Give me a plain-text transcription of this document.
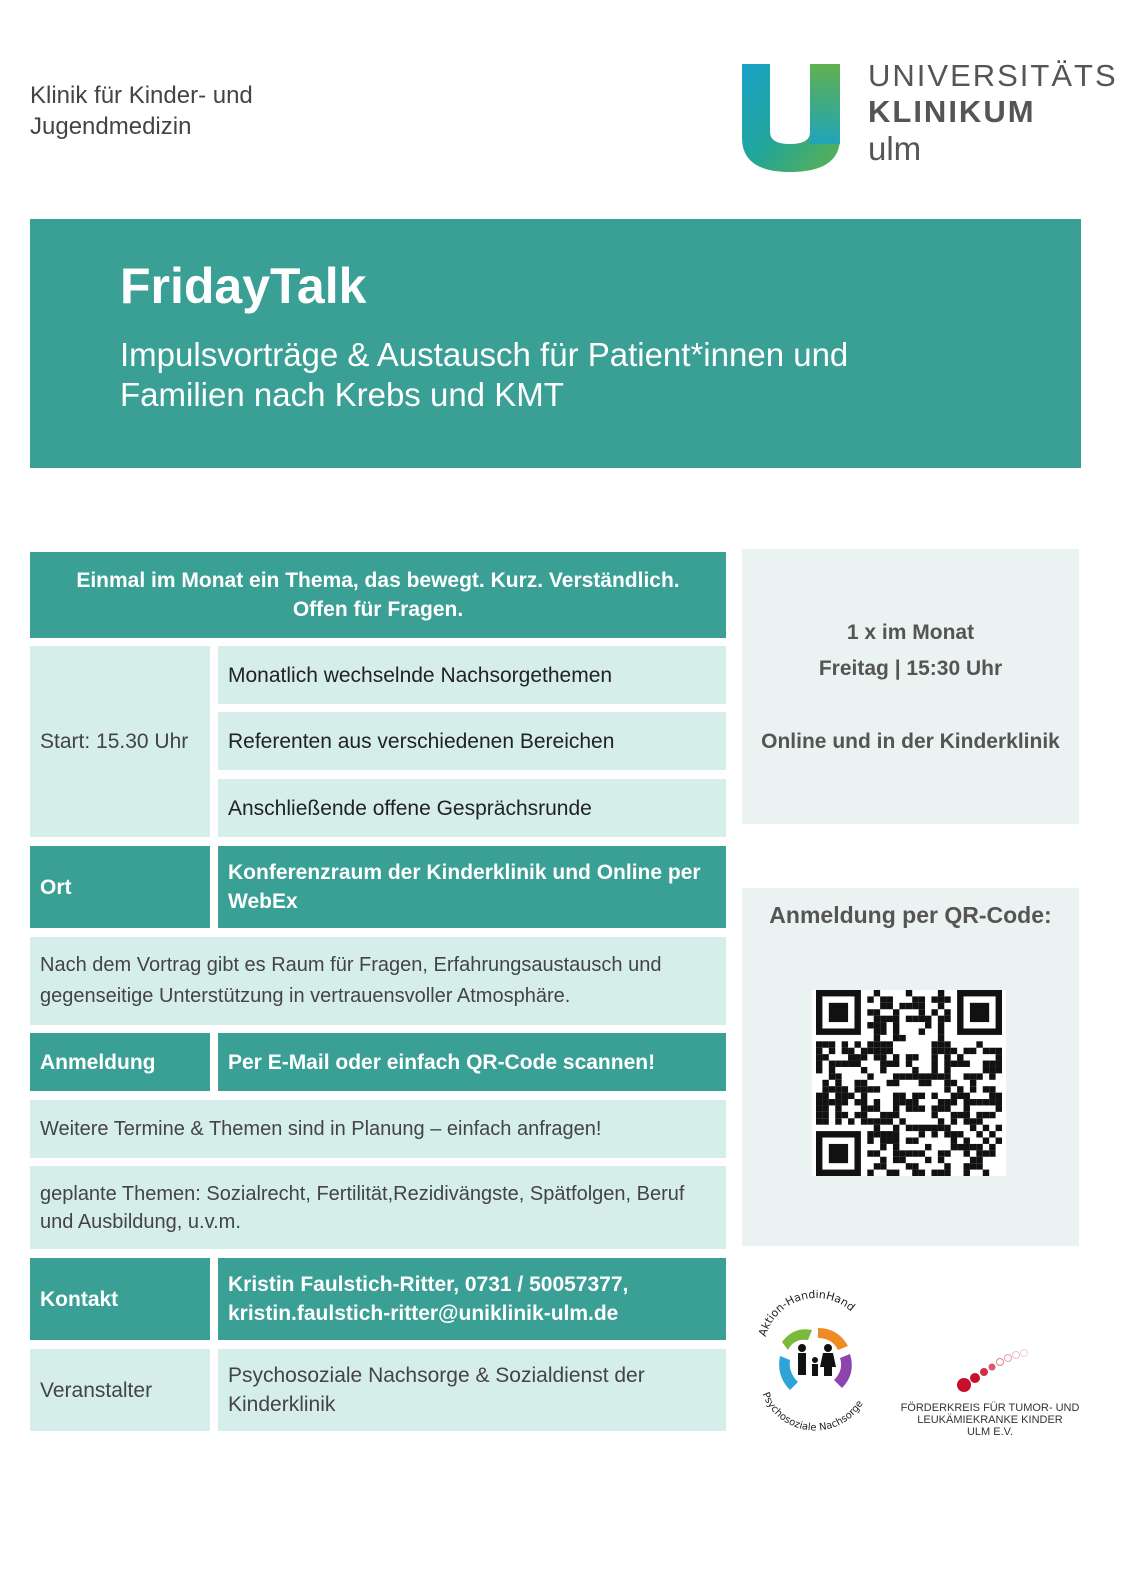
Klinik für Kinder- und
Jugendmedizin
UNIVERSITÄTS
KLINIKUM
ulm
FridayTalk
Impulsvorträge & Austausch für Patient*innen und
Familien nach Krebs und KMT
Einmal im Monat ein Thema, das bewegt. Kurz. Verständlich.
Offen für Fragen.
Start: 15.30 Uhr
Monatlich wechselnde Nachsorgethemen
Referenten aus verschiedenen Bereichen
Anschließende offene Gesprächsrunde
Ort
Konferenzraum der Kinderklinik und Online per WebEx
Nach dem Vortrag gibt es Raum für Fragen, Erfahrungsaustausch und gegenseitige Unterstützung in vertrauensvoller Atmosphäre.
Anmeldung	Per E-Mail oder einfach QR-Code scannen!
Weitere Termine & Themen sind in Planung – einfach anfragen!
geplante Themen: Sozialrecht, Fertilität,Rezidivängste, Spätfolgen, Beruf und Ausbildung, u.v.m.
Kontakt
Kristin Faulstich-Ritter, 0731 / 50057377,
kristin.faulstich-ritter@uniklinik-ulm.de
Veranstalter
Psychosoziale Nachsorge & Sozialdienst der Kinderklinik
1 x im Monat
Freitag | 15:30 Uhr
Online und in der Kinderklinik
Anmeldung per QR-Code:
Aktion-HandinHand
Psychosoziale Nachsorge	FÖRDERKREIS FÜR TUMOR- UND
LEUKÄMIEKRANKE KINDER
ULM E.V.
